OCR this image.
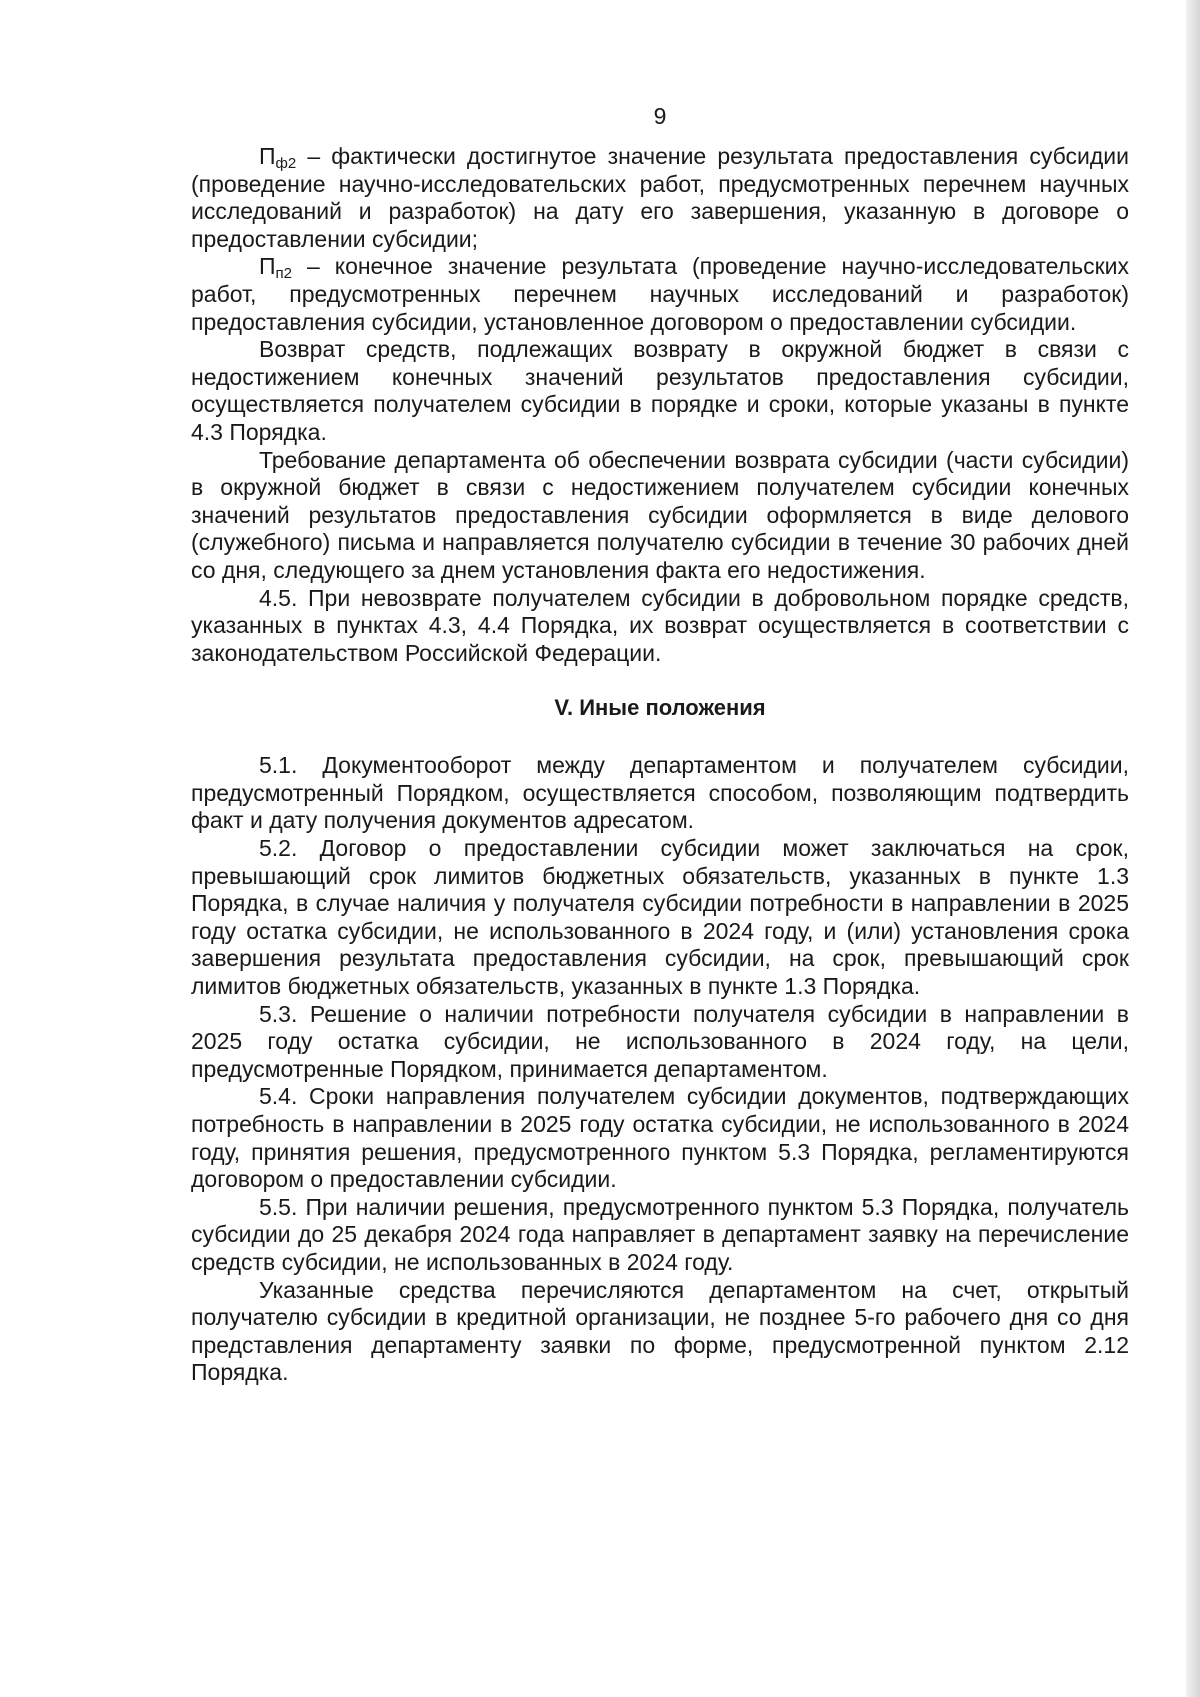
9

$П_{ф2}$ – фактически достигнутое значение результата предоставления субсидии (проведение научно-исследовательских работ, предусмотренных перечнем научных исследований и разработок) на дату его завершения, указанную в договоре о предоставлении субсидии;

$П_{п2}$ – конечное значение результата (проведение научно-исследовательских работ, предусмотренных перечнем научных исследований и разработок) предоставления субсидии, установленное договором о предоставлении субсидии.

Возврат средств, подлежащих возврату в окружной бюджет в связи с недостижением конечных значений результатов предоставления субсидии, осуществляется получателем субсидии в порядке и сроки, которые указаны в пункте 4.3 Порядка.

Требование департамента об обеспечении возврата субсидии (части субсидии) в окружной бюджет в связи с недостижением получателем субсидии конечных значений результатов предоставления субсидии оформляется в виде делового (служебного) письма и направляется получателю субсидии в течение 30 рабочих дней со дня, следующего за днем установления факта его недостижения.

4.5. При невозврате получателем субсидии в добровольном порядке средств, указанных в пунктах 4.3, 4.4 Порядка, их возврат осуществляется в соответствии с законодательством Российской Федерации.

V. Иные положения

5.1. Документооборот между департаментом и получателем субсидии, предусмотренный Порядком, осуществляется способом, позволяющим подтвердить факт и дату получения документов адресатом.

5.2. Договор о предоставлении субсидии может заключаться на срок, превышающий срок лимитов бюджетных обязательств, указанных в пункте 1.3 Порядка, в случае наличия у получателя субсидии потребности в направлении в 2025 году остатка субсидии, не использованного в 2024 году, и (или) установления срока завершения результата предоставления субсидии, на срок, превышающий срок лимитов бюджетных обязательств, указанных в пункте 1.3 Порядка.

5.3. Решение о наличии потребности получателя субсидии в направлении в 2025 году остатка субсидии, не использованного в 2024 году, на цели, предусмотренные Порядком, принимается департаментом.

5.4. Сроки направления получателем субсидии документов, подтверждающих потребность в направлении в 2025 году остатка субсидии, не использованного в 2024 году, принятия решения, предусмотренного пунктом 5.3 Порядка, регламентируются договором о предоставлении субсидии.

5.5. При наличии решения, предусмотренного пунктом 5.3 Порядка, получатель субсидии до 25 декабря 2024 года направляет в департамент заявку на перечисление средств субсидии, не использованных в 2024 году.

Указанные средства перечисляются департаментом на счет, открытый получателю субсидии в кредитной организации, не позднее 5-го рабочего дня со дня представления департаменту заявки по форме, предусмотренной пунктом 2.12 Порядка.
